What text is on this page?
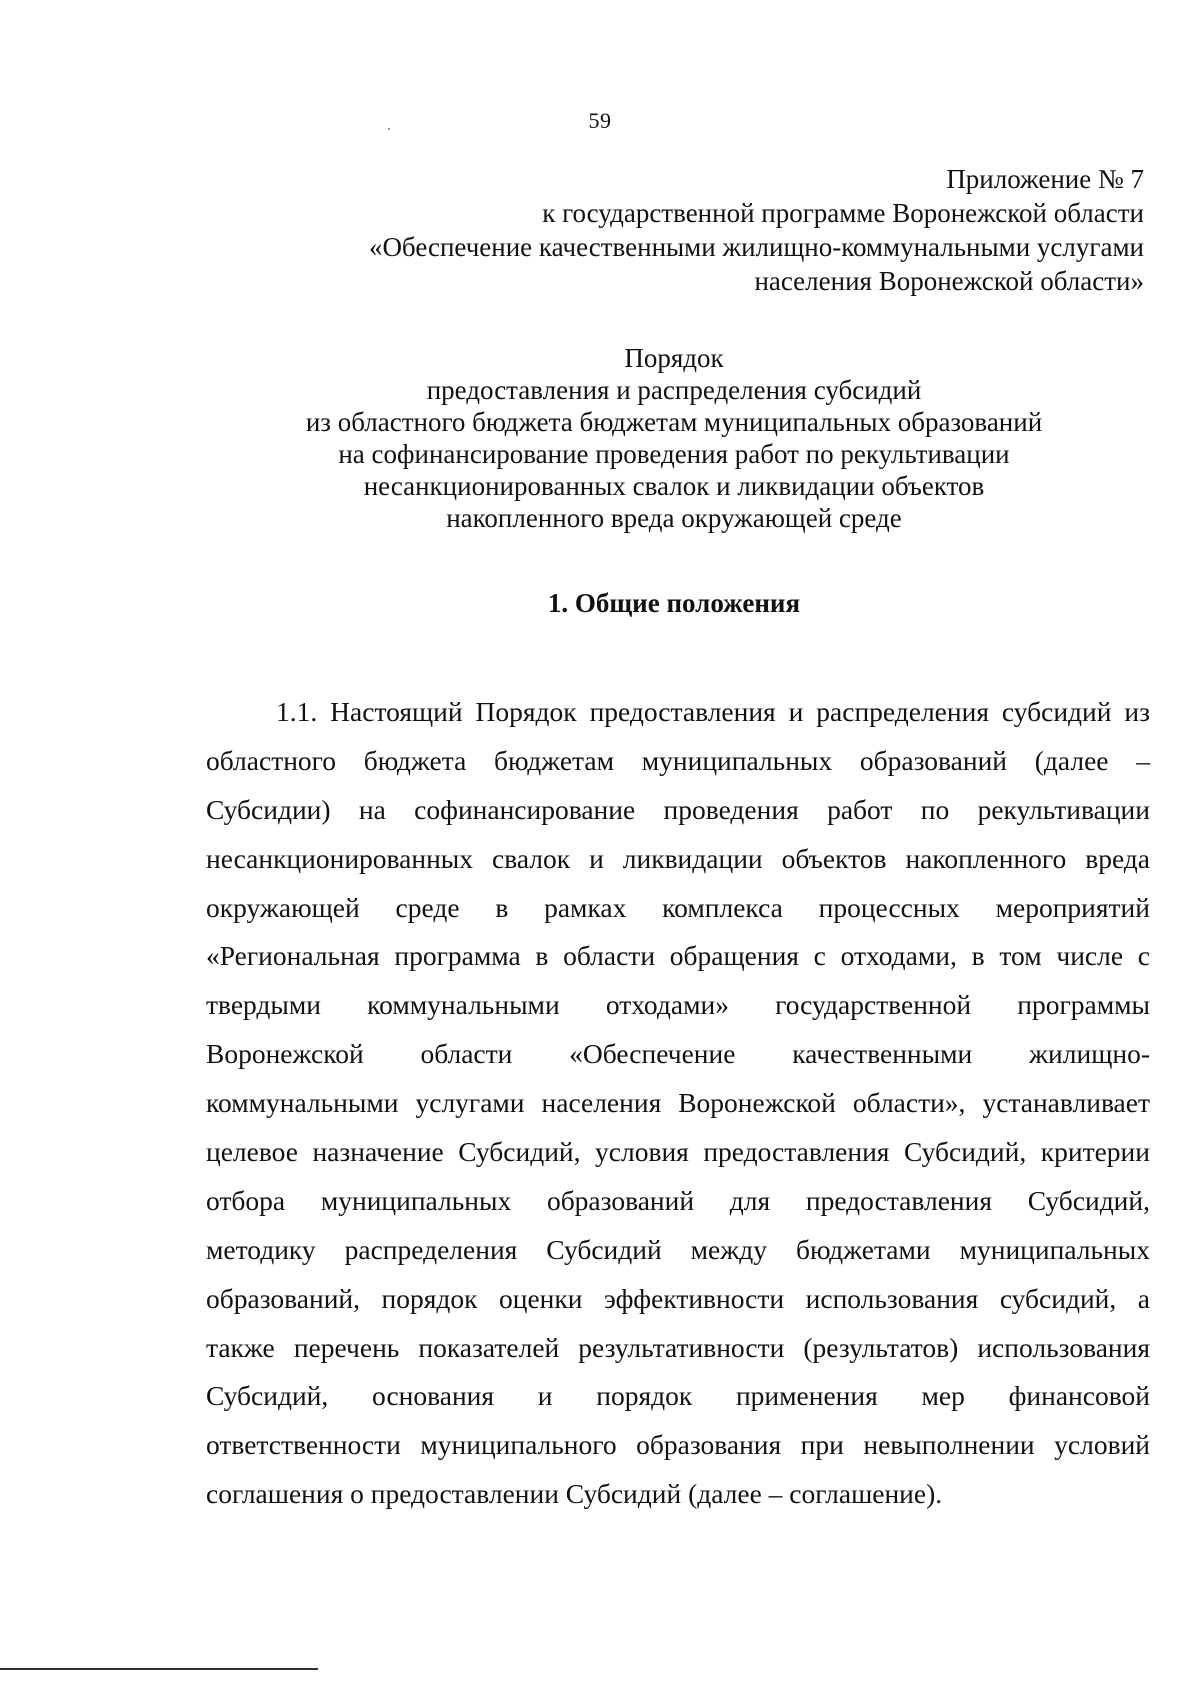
59
Приложение № 7
к государственной программе Воронежской области
«Обеспечение качественными жилищно-коммунальными услугами
населения Воронежской области»
Порядок
предоставления и распределения субсидий
из областного бюджета бюджетам муниципальных образований
на софинансирование проведения работ по рекультивации
несанкционированных свалок и ликвидации объектов
накопленного вреда окружающей среде
1. Общие положения
1.1. Настоящий Порядок предоставления и распределения субсидий из
областного бюджета бюджетам муниципальных образований (далее –
Субсидии) на софинансирование проведения работ по рекультивации
несанкционированных свалок и ликвидации объектов накопленного вреда
окружающей среде в рамках комплекса процессных мероприятий
«Региональная программа в области обращения с отходами, в том числе с
твердыми коммунальными отходами» государственной программы
Воронежской области «Обеспечение качественными жилищно-
коммунальными услугами населения Воронежской области», устанавливает
целевое назначение Субсидий, условия предоставления Субсидий, критерии
отбора муниципальных образований для предоставления Субсидий,
методику распределения Субсидий между бюджетами муниципальных
образований, порядок оценки эффективности использования субсидий, а
также перечень показателей результативности (результатов) использования
Субсидий, основания и порядок применения мер финансовой
ответственности муниципального образования при невыполнении условий
соглашения о предоставлении Субсидий (далее – соглашение).
